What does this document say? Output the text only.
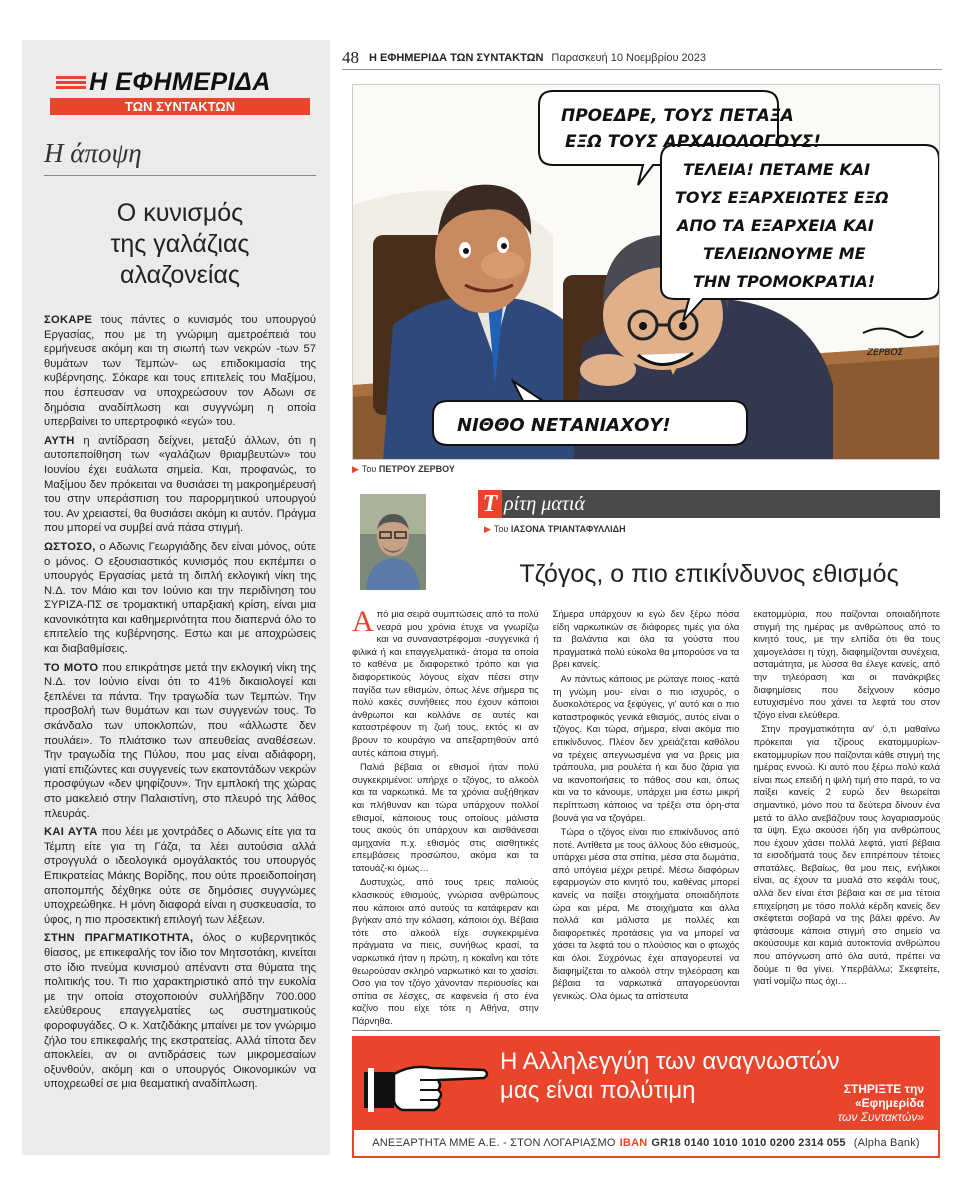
Η ΕΦΗΜΕΡΙΔΑ
ΤΩΝ ΣΥΝΤΑΚΤΩΝ
Η άποψη
Ο κυνισμός
της γαλάζιας
αλαζονείας

ΣΟΚΑΡΕ τους πάντες ο κυνισμός του υπουργού Εργασίας, που με τη γνώριμη αμετροέπειά του ερμήνευσε ακόμη και τη σιωπή των νεκρών -των 57 θυμάτων των Τεμπών- ως επιδοκιμασία της κυβέρνησης. Σόκαρε και τους επιτελείς του Μαξίμου, που έσπευσαν να υποχρεώσουν τον Αδωνι σε δημόσια αναδίπλωση και συγγνώμη η οποία υπερβαίνει το υπερτροφικό «εγώ» του.

ΑΥΤΗ η αντίδραση δείχνει, μεταξύ άλλων, ότι η αυτοπεποίθηση των «γαλάζιων θριαμβευτών» του Ιουνίου έχει ευάλωτα σημεία. Και, προφανώς, το Μαξίμου δεν πρόκειται να θυσιάσει τη μακροημέρευσή του στην υπεράσπιση του παρορμητικού υπουργού του. Αν χρειαστεί, θα θυσιάσει ακόμη κι αυτόν. Πράγμα που μπορεί να συμβεί ανά πάσα στιγμή.

ΩΣΤΟΣΟ, ο Αδωνις Γεωργιάδης δεν είναι μόνος, ούτε ο μόνος. Ο εξουσιαστικός κυνισμός που εκπέμπει ο υπουργός Εργασίας μετά τη διπλή εκλογική νίκη της Ν.Δ. τον Μάιο και τον Ιούνιο και την περιδίνηση του ΣΥΡΙΖΑ-ΠΣ σε τρομακτική υπαρξιακή κρίση, είναι μια κανονικότητα και καθημερινότητα που διαπερνά όλο το επιτελείο της κυβέρνησης. Εστω και με αποχρώσεις και διαβαθμίσεις.

ΤΟ ΜΟΤΟ που επικράτησε μετά την εκλογική νίκη της Ν.Δ. τον Ιούνιο είναι ότι το 41% δικαιολογεί και ξεπλένει τα πάντα. Την τραγωδία των Τεμπών. Την προσβολή των θυμάτων και των συγγενών τους. Το σκάνδαλο των υποκλοπών, που «άλλωστε δεν πουλάει». Το πλιάτσικο των απευθείας αναθέσεων. Την τραγωδία της Πύλου, που μας είναι αδιάφορη, γιατί επιζώντες και συγγενείς των εκατοντάδων νεκρών προσφύγων «δεν ψηφίζουν». Την εμπλοκή της χώρας στο μακελειό στην Παλαιστίνη, στο πλευρό της λάθος πλευράς.

ΚΑΙ ΑΥΤΑ που λέει με χοντράδες ο Αδωνις είτε για τα Τέμπη είτε για τη Γάζα, τα λέει αυτούσια αλλά στρογγυλά ο ιδεολογικά ομογάλακτός του υπουργός Επικρατείας Μάκης Βορίδης, που ούτε προειδοποίηση αποπομπής δέχθηκε ούτε σε δημόσιες συγγνώμες υποχρεώθηκε. Η μόνη διαφορά είναι η συσκευασία, το ύφος, η πιο προσεκτική επιλογή των λέξεων.

ΣΤΗΝ ΠΡΑΓΜΑΤΙΚΟΤΗΤΑ, όλος ο κυβερνητικός θίασος, με επικεφαλής τον ίδιο τον Μητσοτάκη, κινείται στο ίδιο πνεύμα κυνισμού απέναντι στα θύματα της πολιτικής του. Τι πιο χαρακτηριστικό από την ευκολία με την οποία στοχοποιούν συλλήβδην 700.000 ελεύθερους επαγγελματίες ως συστηματικούς φοροφυγάδες. Ο κ. Χατζιδάκης μπαίνει με τον γνώριμο ζήλο του επικεφαλής της εκστρατείας. Αλλά τίποτα δεν αποκλείει, αν οι αντιδράσεις των μικρομεσαίων οξυνθούν, ακόμη και ο υπουργός Οικονομικών να υποχρεωθεί σε μια θεαματική αναδίπλωση.

48 Η ΕΦΗΜΕΡΙΔΑ ΤΩΝ ΣΥΝΤΑΚΤΩΝ Παρασκευή 10 Νοεμβρίου 2023
ΠΡΟΕΔΡΕ, ΤΟΥΣ ΠΕΤΑΞΑ
ΕΞΩ ΤΟΥΣ ΑΡΧΑΙΟΛΟΓΟΥΣ!
ΤΕΛΕΙΑ! ΠΕΤΑΜΕ ΚΑΙ
ΤΟΥΣ ΕΞΑΡΧΕΙΩΤΕΣ ΕΞΩ
ΑΠΟ ΤΑ ΕΞΑΡΧΕΙΑ ΚΑΙ
ΤΕΛΕΙΩΝΟΥΜΕ ΜΕ
ΤΗΝ ΤΡΟΜΟΚΡΑΤΙΑ!
ΝΙΘΘΟ ΝΕΤΑΝΙΑΧΟΥ!
ΖΕΡΒΟΣ
▶ Του ΠΕΤΡΟΥ ΖΕΡΒΟΥ
Τ ρίτη ματιά
▶ Του ΙΑΣΟΝΑ ΤΡΙΑΝΤΑΦΥΛΛΙΔΗ
Τζόγος, ο πιο επικίνδυνος εθισμός

Από μια σειρά συμπτώσεις από τα πολύ νεαρά μου χρόνια έτυχε να γνωρίζω και να συναναστρέφομαι -συγγενικά ή φιλικά ή και επαγγελματικά- άτομα τα οποία το καθένα με διαφορετικό τρόπο και για διαφορετικούς λόγους είχαν πέσει στην παγίδα των εθισμών, όπως λένε σήμερα τις πολύ κακές συνήθειες που έχουν κάποιοι άνθρωποι και κολλάνε σε αυτές και καταστρέφουν τη ζωή τους, εκτός κι αν βρουν το κουράγιο να απεξαρτηθούν από αυτές κάποια στιγμή.

Παλιά βέβαια οι εθισμοί ήταν πολύ συγκεκριμένοι: υπήρχε ο τζόγος, το αλκοόλ και τα ναρκωτικά. Με τα χρόνια αυξήθηκαν και πλήθυναν και τώρα υπάρχουν πολλοί εθισμοί, κάποιους τους οποίους μάλιστα τους ακούς ότι υπάρχουν και αισθάνεσαι αμηχανία π.χ. εθισμός στις αισθητικές επεμβάσεις προσώπου, ακόμα και τα τατουάζ-κι όμως…

Δυστυχώς, από τους τρεις παλιούς κλασικούς εθισμούς, γνώρισα ανθρώπους που κάποιοι από αυτούς τα κατάφεραν και βγήκαν από την κόλαση, κάποιοι όχι. Βέβαια τότε στο αλκοόλ είχε συγκεκριμένα πράγματα να πιεις, συνήθως κρασί, τα ναρκωτικά ήταν η πρώτη, η κοκαΐνη και τότε θεωρούσαν σκληρό ναρκωτικό και το χασίσι. Οσο για τον τζόγο χάνονταν περιουσίες και σπίτια σε λέσχες, σε καφενεία ή στο ένα καζίνο που είχε τότε η Αθήνα, στην Πάρνηθα.

Σήμερα υπάρχουν κι εγώ δεν ξέρω πόσα είδη ναρκωτικών σε διάφορες τιμές για όλα τα βαλάντια και όλα τα γούστα που πραγματικά πολύ εύκολα θα μπορούσε να τα βρει κανείς.

Αν πάντως κάποιος με ρώταγε ποιος -κατά τη γνώμη μου- είναι ο πιο ισχυρός, ο δυσκολότερος να ξεφύγεις, γι' αυτό και ο πιο καταστροφικός γενικά εθισμός, αυτός είναι ο τζόγος. Και τώρα, σήμερα, είναι ακόμα πιο επικίνδυνος. Πλέον δεν χρειάζεται καθόλου να τρέχεις απεγνωσμένα για να βρεις μια τράπουλα, μια ρουλέτα ή και δυο ζάρια για να ικανοποιήσεις το πάθος σου και, όπως και να το κάνουμε, υπάρχει μια έστω μικρή περίπτωση κάποιος να τρέξει στα όρη-στα βουνά για να τζογάρει.

Τώρα ο τζόγος είναι πιο επικίνδυνος από ποτέ. Αντίθετα με τους άλλους δύο εθισμούς, υπάρχει μέσα στα σπίτια, μέσα στα δωμάτια, από υπόγεια μέχρι ρετιρέ. Μέσω διαφόρων εφαρμογών στο κινητό του, καθένας μπορεί κανείς να παίξει στοιχήματα οποιαδήποτε ώρα και μέρα. Με στοιχήματα και άλλα πολλά και μάλιστα με πολλές και διαφορετικές προτάσεις για να μπορεί να χάσει τα λεφτά του ο πλούσιος και ο φτωχός και όλοι. Συχρόνως έχει απαγορευτεί να διαφημίζεται το αλκοόλ στην τηλεόραση και βέβαια τα ναρκωτικά απαγορεύονται γενικώς. Ολα όμως τα απίστευτα

εκατομμύρια, που παίζονται οποιαδήποτε στιγμή της ημέρας με ανθρώπους από το κινητό τους, με την ελπίδα ότι θα τους χαμογελάσει η τύχη, διαφημίζονται συνέχεια, ασταμάτητα, με λύσσα θα έλεγε κανείς, από την τηλεόραση και οι πανάκριβες διαφημίσεις που δείχνουν κόσμο ευτυχισμένο που χάνει τα λεφτά του στον τζόγο είναι ελεύθερα.

Στην πραγματικότητα αν' ό,τι μαθαίνω πρόκειται για τζίρους εκατομμυρίων- εκατομμυρίων που παίζονται κάθε στιγμή της ημέρας εννοώ. Κι αυτό που ξέρω πολύ καλά είναι πως επειδή η ψιλή τιμή στο παρά, το να παίξει κανείς 2 ευρώ δεν θεωρείται σημαντικό, μόνο που τα δεύτερα δίνουν ένα μετά το άλλο ανεβάζουν τους λογαριασμούς τα ύψη. Εχω ακούσει ήδη για ανθρώπους που έχουν χάσει πολλά λεφτά, γιατί βέβαια τα εισοδήματά τους δεν επιτρέπουν τέτοιες σπατάλες. Βεβαίως, θα μου πεις, ενήλικοι είναι, ας έχουν τα μυαλά στο κεφάλι τους, αλλά δεν είναι έτσι βέβαια και σε μια τέτοια επιχείρηση με τόσο πολλά κέρδη κανείς δεν σκέφτεται σοβαρά να της βάλει φρένο. Αν φτάσουμε κάποια στιγμή στο σημείο να ακούσουμε και καμιά αυτοκτονία ανθρώπου που απόγνωση από όλα αυτά, πρέπει να δούμε τι θα γίνει. Υπερβάλλω; Σκεφτείτε, γιατί νομίζω πως όχι…

Η Αλληλεγγύη των αναγνωστών
μας είναι πολύτιμη	ΣΤΗΡΙΞΤΕ την «Εφημερίδα
των Συντακτών»
ΑΝΕΞΑΡΤΗΤΑ ΜΜΕ Α.Ε. - ΣΤΟΝ ΛΟΓΑΡΙΑΣΜΟ IBAN GR18 0140 1010 1010 0200 2314 055 (Alpha Bank)
